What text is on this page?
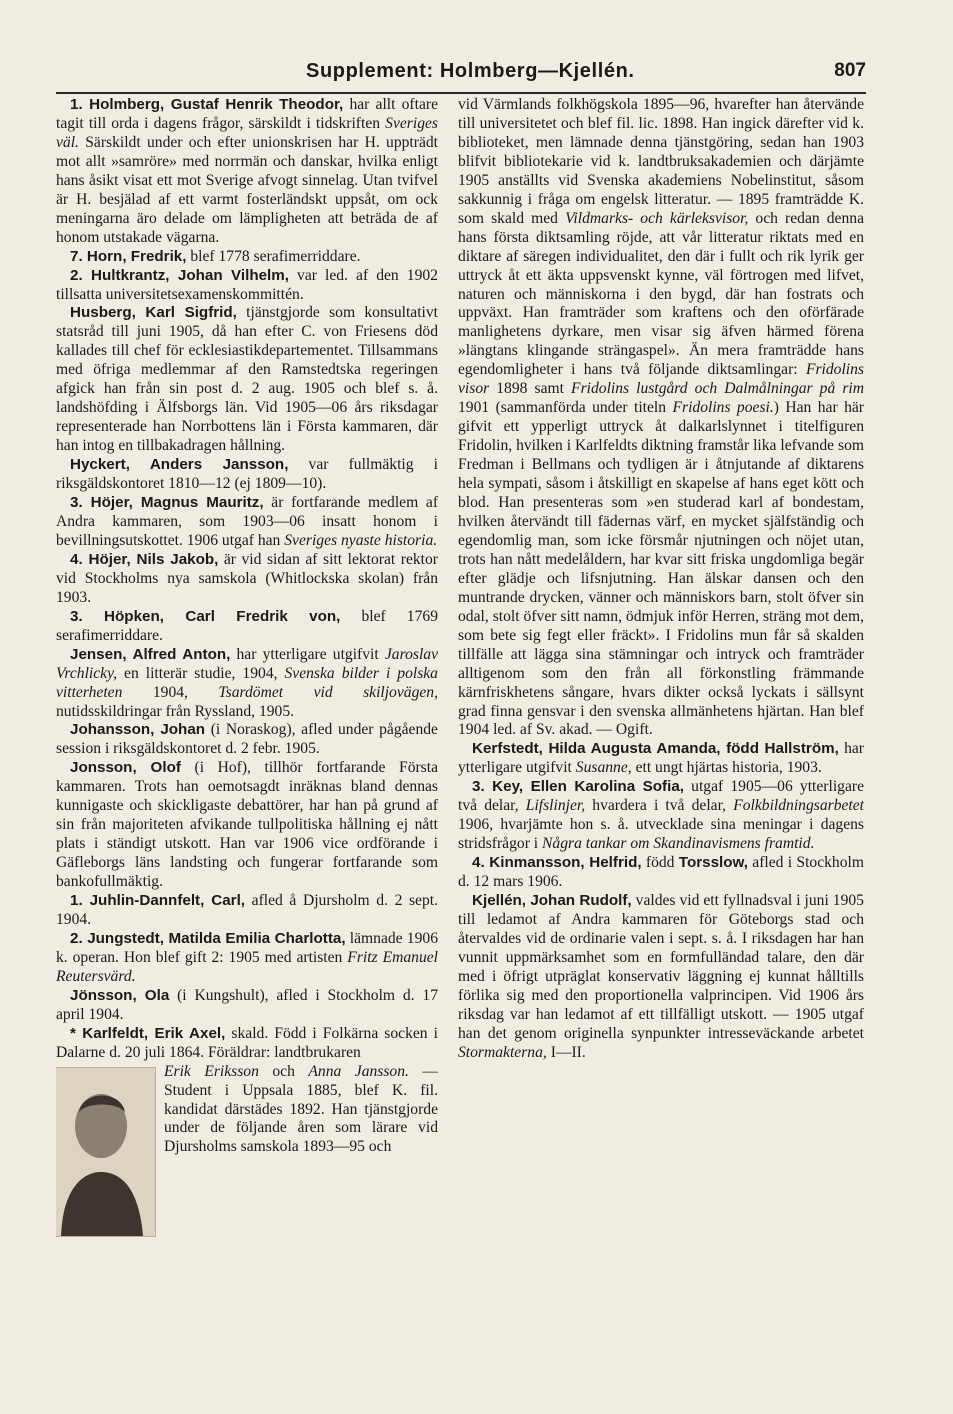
Supplement: Holmberg—Kjellén.	807

1. Holmberg, Gustaf Henrik Theodor, har allt oftare tagit till orda i dagens frågor, särskildt i tidskriften Sveriges väl. Särskildt under och efter unionskrisen har H. uppträdt mot allt »samröre» med norrmän och danskar, hvilka enligt hans åsikt visat ett mot Sverige afvogt sinnelag. Utan tvifvel är H. besjälad af ett varmt fosterländskt uppsåt, om ock meningarna äro delade om lämpligheten att beträda de af honom utstakade vägarna.

7. Horn, Fredrik, blef 1778 serafimerriddare.

2. Hultkrantz, Johan Vilhelm, var led. af den 1902 tillsatta universitetsexamenskommittén.

Husberg, Karl Sigfrid, tjänstgjorde som konsultativt statsråd till juni 1905, då han efter C. von Friesens död kallades till chef för ecklesiastikdepartementet. Tillsammans med öfriga medlemmar af den Ramstedtska regeringen afgick han från sin post d. 2 aug. 1905 och blef s. å. landshöfding i Älfsborgs län. Vid 1905—06 års riksdagar representerade han Norrbottens län i Första kammaren, där han intog en tillbakadragen hållning.

Hyckert, Anders Jansson, var fullmäktig i riksgäldskontoret 1810—12 (ej 1809—10).

3. Höjer, Magnus Mauritz, är fortfarande medlem af Andra kammaren, som 1903—06 insatt honom i bevillningsutskottet. 1906 utgaf han Sveriges nyaste historia.

4. Höjer, Nils Jakob, är vid sidan af sitt lektorat rektor vid Stockholms nya samskola (Whitlockska skolan) från 1903.

3. Höpken, Carl Fredrik von, blef 1769 serafimerriddare.

Jensen, Alfred Anton, har ytterligare utgifvit Jaroslav Vrchlicky, en litterär studie, 1904, Svenska bilder i polska vitterheten 1904, Tsardömet vid skiljovägen, nutidsskildringar från Ryssland, 1905.

Johansson, Johan (i Noraskog), afled under pågående session i riksgäldskontoret d. 2 febr. 1905.

Jonsson, Olof (i Hof), tillhör fortfarande Första kammaren. Trots han oemotsagdt inräknas bland dennas kunnigaste och skickligaste debattörer, har han på grund af sin från majoriteten afvikande tullpolitiska hållning ej nått plats i ständigt utskott. Han var 1906 vice ordförande i Gäfleborgs läns landsting och fungerar fortfarande som bankofullmäktig.

1. Juhlin-Dannfelt, Carl, afled å Djursholm d. 2 sept. 1904.

2. Jungstedt, Matilda Emilia Charlotta, lämnade 1906 k. operan. Hon blef gift 2: 1905 med artisten Fritz Emanuel Reutersvärd.

Jönsson, Ola (i Kungshult), afled i Stockholm d. 17 april 1904.

* Karlfeldt, Erik Axel, skald. Född i Folkärna socken i Dalarne d. 20 juli 1864. Föräldrar: landtbrukaren

Erik Eriksson och Anna Jansson. — Student i Uppsala 1885, blef K. fil. kandidat därstädes 1892. Han tjänstgjorde under de följande åren som lärare vid Djursholms samskola 1893—95 och

vid Värmlands folkhögskola 1895—96, hvarefter han återvände till universitetet och blef fil. lic. 1898. Han ingick därefter vid k. biblioteket, men lämnade denna tjänstgöring, sedan han 1903 blifvit bibliotekarie vid k. landtbruksakademien och därjämte 1905 anställts vid Svenska akademiens Nobelinstitut, såsom sakkunnig i fråga om engelsk litteratur. — 1895 framträdde K. som skald med Vildmarks- och kärleksvisor, och redan denna hans första diktsamling röjde, att vår litteratur riktats med en diktare af säregen individualitet, den där i fullt och rik lyrik ger uttryck åt ett äkta uppsvenskt kynne, väl förtrogen med lifvet, naturen och människorna i den bygd, där han fostrats och uppväxt. Han framträder som kraftens och den oförfärade manlighetens dyrkare, men visar sig äfven härmed förena »längtans klingande strängaspel». Än mera framträdde hans egendomligheter i hans två följande diktsamlingar: Fridolins visor 1898 samt Fridolins lustgård och Dalmålningar på rim 1901 (sammanförda under titeln Fridolins poesi.) Han har här gifvit ett ypperligt uttryck åt dalkarlslynnet i titelfiguren Fridolin, hvilken i Karlfeldts diktning framstår lika lefvande som Fredman i Bellmans och tydligen är i åtnjutande af diktarens hela sympati, såsom i åtskilligt en skapelse af hans eget kött och blod. Han presenteras som »en studerad karl af bondestam, hvilken återvändt till fädernas värf, en mycket själfständig och egendomlig man, som icke försmår njutningen och nöjet utan, trots han nått medelåldern, har kvar sitt friska ungdomliga begär efter glädje och lifsnjutning. Han älskar dansen och den muntrande drycken, vänner och människors barn, stolt öfver sin odal, stolt öfver sitt namn, ödmjuk inför Herren, sträng mot dem, som bete sig fegt eller fräckt». I Fridolins mun får så skalden tillfälle att lägga sina stämningar och intryck och framträder alltigenom som den från all förkonstling främmande kärnfriskhetens sångare, hvars dikter också lyckats i sällsynt grad finna gensvar i den svenska allmänhetens hjärtan. Han blef 1904 led. af Sv. akad. — Ogift.

Kerfstedt, Hilda Augusta Amanda, född Hallström, har ytterligare utgifvit Susanne, ett ungt hjärtas historia, 1903.

3. Key, Ellen Karolina Sofia, utgaf 1905—06 ytterligare två delar, Lifslinjer, hvardera i två delar, Folkbildningsarbetet 1906, hvarjämte hon s. å. utvecklade sina meningar i dagens stridsfrågor i Några tankar om Skandinavismens framtid.

4. Kinmansson, Helfrid, född Torsslow, afled i Stockholm d. 12 mars 1906.

Kjellén, Johan Rudolf, valdes vid ett fyllnadsval i juni 1905 till ledamot af Andra kammaren för Göteborgs stad och återvaldes vid de ordinarie valen i sept. s. å. I riksdagen har han vunnit uppmärksamhet som en formfulländad talare, den där med i öfrigt utpräglat konservativ läggning ej kunnat hålltills förlika sig med den proportionella valprincipen. Vid 1906 års riksdag var han ledamot af ett tillfälligt utskott. — 1905 utgaf han det genom originella synpunkter intresseväckande arbetet Stormakterna, I—II.
